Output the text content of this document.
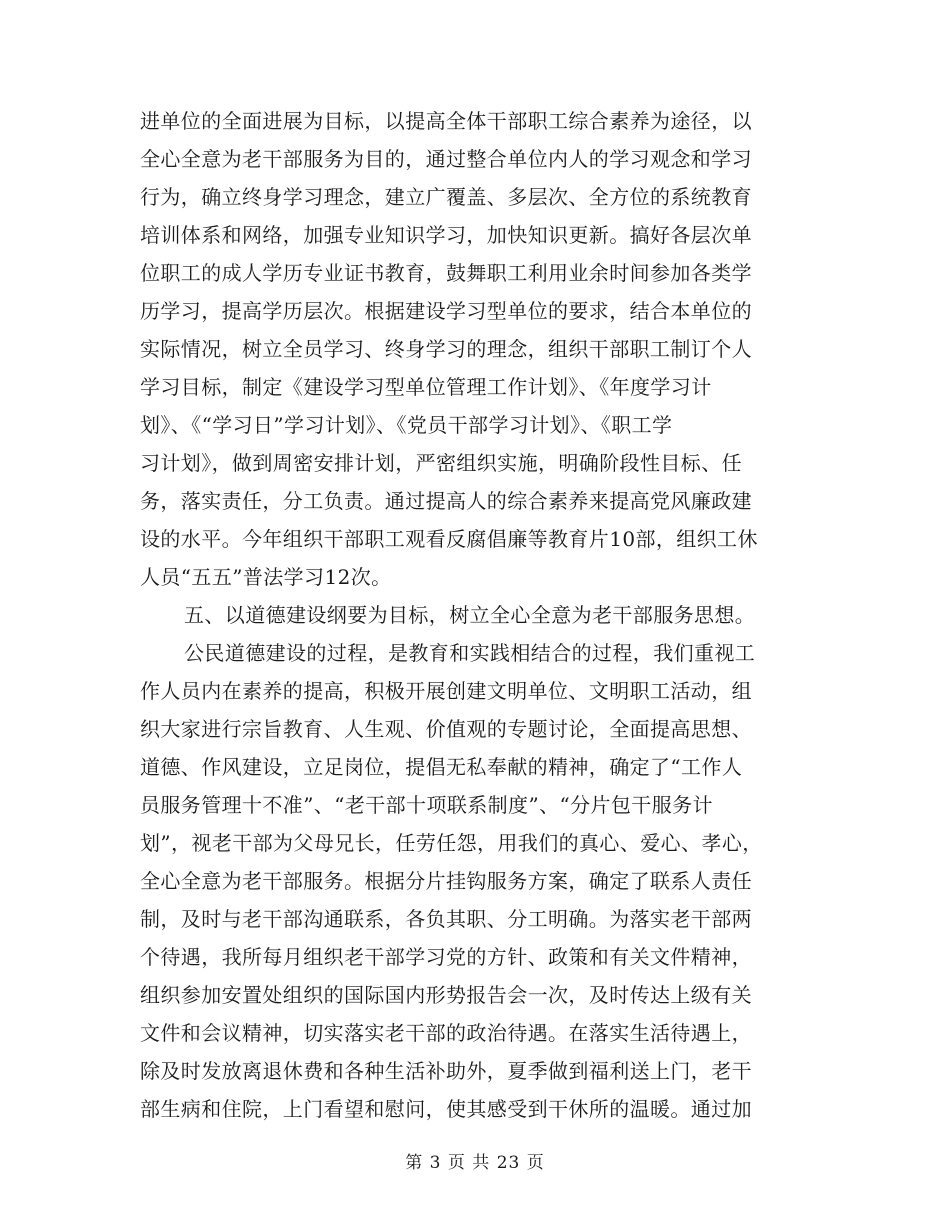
进单位的全面进展为目标，以提高全体干部职工综合素养为途径，以
全心全意为老干部服务为目的，通过整合单位内人的学习观念和学习
行为，确立终身学习理念，建立广覆盖、多层次、全方位的系统教育
培训体系和网络，加强专业知识学习，加快知识更新。搞好各层次单
位职工的成人学历专业证书教育，鼓舞职工利用业余时间参加各类学
历学习，提高学历层次。根据建设学习型单位的要求，结合本单位的
实际情况，树立全员学习、终身学习的理念，组织干部职工制订个人
学习目标，制定《建设学习型单位管理工作计划》、《年度学习计
划》、《“学习日”学习计划》、《党员干部学习计划》、《职工学
习计划》，做到周密安排计划，严密组织实施，明确阶段性目标、任
务，落实责任，分工负责。通过提高人的综合素养来提高党风廉政建
设的水平。今年组织干部职工观看反腐倡廉等教育片10部，组织工休
人员“五五”普法学习12次。
五、以道德建设纲要为目标，树立全心全意为老干部服务思想。
公民道德建设的过程，是教育和实践相结合的过程，我们重视工
作人员内在素养的提高，积极开展创建文明单位、文明职工活动，组
织大家进行宗旨教育、人生观、价值观的专题讨论，全面提高思想、
道德、作风建设，立足岗位，提倡无私奉献的精神，确定了“工作人
员服务管理十不准”、“老干部十项联系制度”、“分片包干服务计
划”，视老干部为父母兄长，任劳任怨，用我们的真心、爱心、孝心，
全心全意为老干部服务。根据分片挂钩服务方案，确定了联系人责任
制，及时与老干部沟通联系，各负其职、分工明确。为落实老干部两
个待遇，我所每月组织老干部学习党的方针、政策和有关文件精神，
组织参加安置处组织的国际国内形势报告会一次，及时传达上级有关
文件和会议精神，切实落实老干部的政治待遇。在落实生活待遇上，
除及时发放离退休费和各种生活补助外，夏季做到福利送上门，老干
部生病和住院，上门看望和慰问，使其感受到干休所的温暖。通过加
第 3 页 共 23 页
